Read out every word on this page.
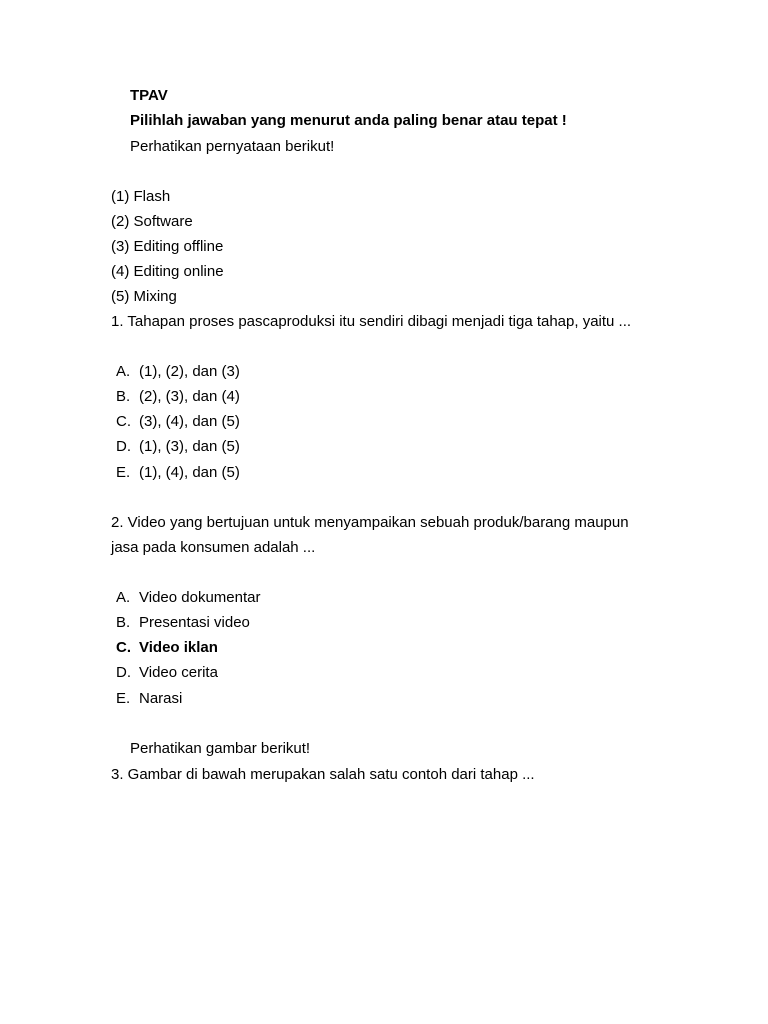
TPAV
Pilihlah jawaban yang menurut anda paling benar atau tepat !
Perhatikan pernyataan berikut!
(1) Flash
(2) Software
(3) Editing offline
(4) Editing online
(5) Mixing
1. Tahapan proses pascaproduksi itu sendiri dibagi menjadi tiga tahap, yaitu ...
A. (1), (2), dan (3)
B. (2), (3), dan (4)
C. (3), (4), dan (5)
D. (1), (3), dan (5)
E. (1), (4), dan (5)
2. Video yang bertujuan untuk menyampaikan sebuah produk/barang maupun
jasa pada konsumen adalah ...
A. Video dokumentar
B. Presentasi video
C. Video iklan
D. Video cerita
E. Narasi
Perhatikan gambar berikut!
3. Gambar di bawah merupakan salah satu contoh dari tahap ...
